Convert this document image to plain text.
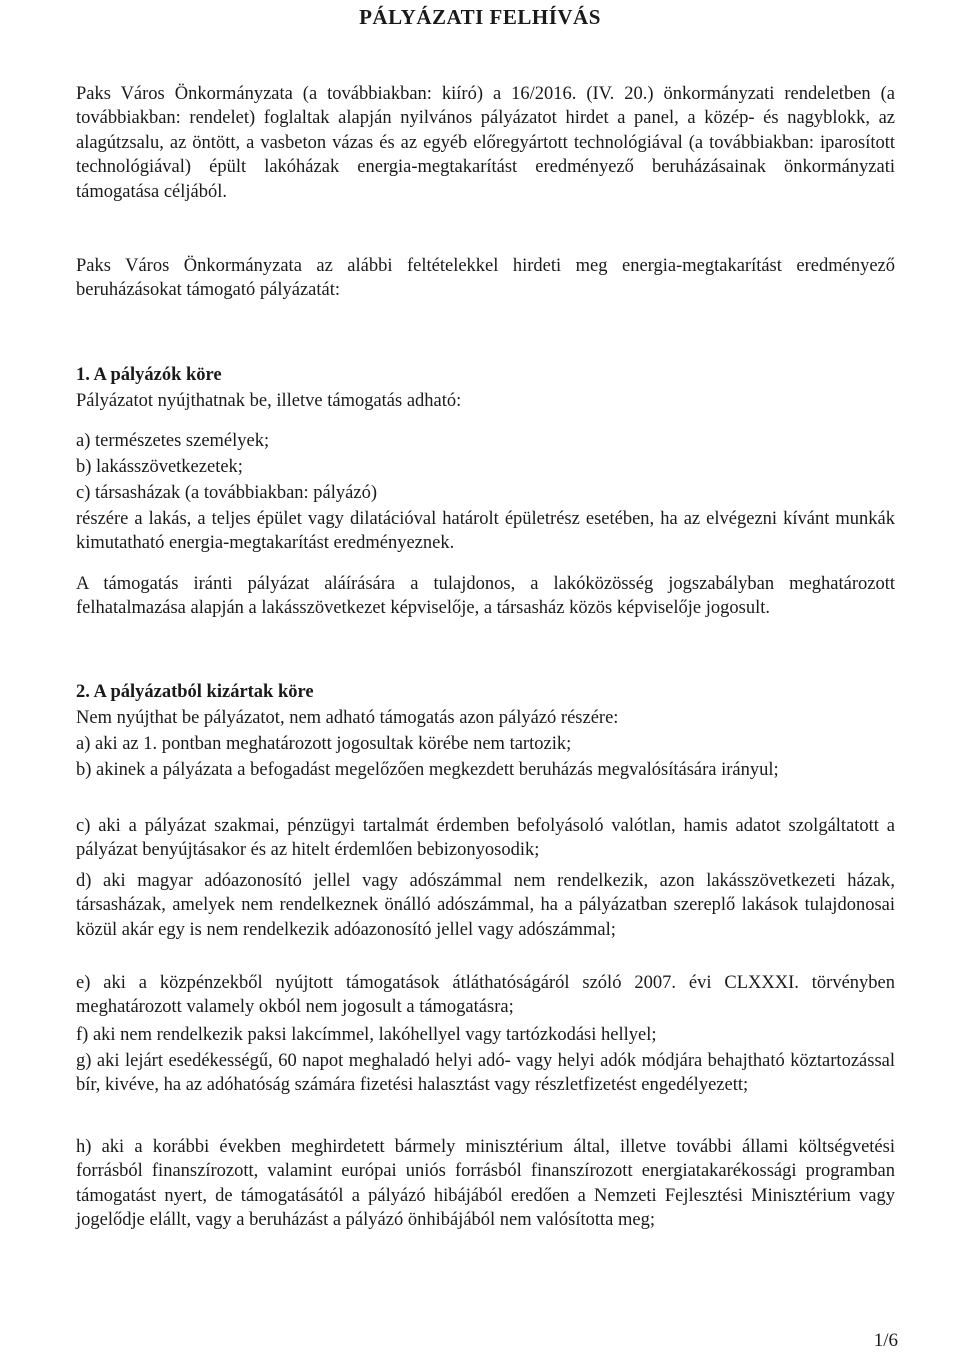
PÁLYÁZATI FELHÍVÁS

Paks Város Önkormányzata (a továbbiakban: kiíró) a 16/2016. (IV. 20.) önkormányzati rendeletben (a továbbiakban: rendelet) foglaltak alapján nyilvános pályázatot hirdet a panel, a közép- és nagyblokk, az alagútzsalu, az öntött, a vasbeton vázas és az egyéb előregyártott technológiával (a továbbiakban: iparosított technológiával) épült lakóházak energia-megtakarítást eredményező beruházásainak önkormányzati támogatása céljából.

Paks Város Önkormányzata az alábbi feltételekkel hirdeti meg energia-megtakarítást eredményező beruházásokat támogató pályázatát:

1. A pályázók köre

Pályázatot nyújthatnak be, illetve támogatás adható:

a) természetes személyek;

b) lakásszövetkezetek;

c) társasházak (a továbbiakban: pályázó)

részére a lakás, a teljes épület vagy dilatációval határolt épületrész esetében, ha az elvégezni kívánt munkák kimutatható energia-megtakarítást eredményeznek.

A támogatás iránti pályázat aláírására a tulajdonos, a lakóközösség jogszabályban meghatározott felhatalmazása alapján a lakásszövetkezet képviselője, a társasház közös képviselője jogosult.

2. A pályázatból kizártak köre

Nem nyújthat be pályázatot, nem adható támogatás azon pályázó részére:

a) aki az 1. pontban meghatározott jogosultak körébe nem tartozik;

b) akinek a pályázata a befogadást megelőzően megkezdett beruházás megvalósítására irányul;

c) aki a pályázat szakmai, pénzügyi tartalmát érdemben befolyásoló valótlan, hamis adatot szolgáltatott a pályázat benyújtásakor és az hitelt érdemlően bebizonyosodik;

d) aki magyar adóazonosító jellel vagy adószámmal nem rendelkezik, azon lakásszövetkezeti házak, társasházak, amelyek nem rendelkeznek önálló adószámmal, ha a pályázatban szereplő lakások tulajdonosai közül akár egy is nem rendelkezik adóazonosító jellel vagy adószámmal;

e) aki a közpénzekből nyújtott támogatások átláthatóságáról szóló 2007. évi CLXXXI. törvényben meghatározott valamely okból nem jogosult a támogatásra;

f) aki nem rendelkezik paksi lakcímmel, lakóhellyel vagy tartózkodási hellyel;

g) aki lejárt esedékességű, 60 napot meghaladó helyi adó- vagy helyi adók módjára behajtható köztartozással bír, kivéve, ha az adóhatóság számára fizetési halasztást vagy részletfizetést engedélyezett;

h) aki a korábbi években meghirdetett bármely minisztérium által, illetve további állami költségvetési forrásból finanszírozott, valamint európai uniós forrásból finanszírozott energiatakarékossági programban támogatást nyert, de támogatásától a pályázó hibájából eredően a Nemzeti Fejlesztési Minisztérium vagy jogelődje elállt, vagy a beruházást a pályázó önhibájából nem valósította meg;

1/6
